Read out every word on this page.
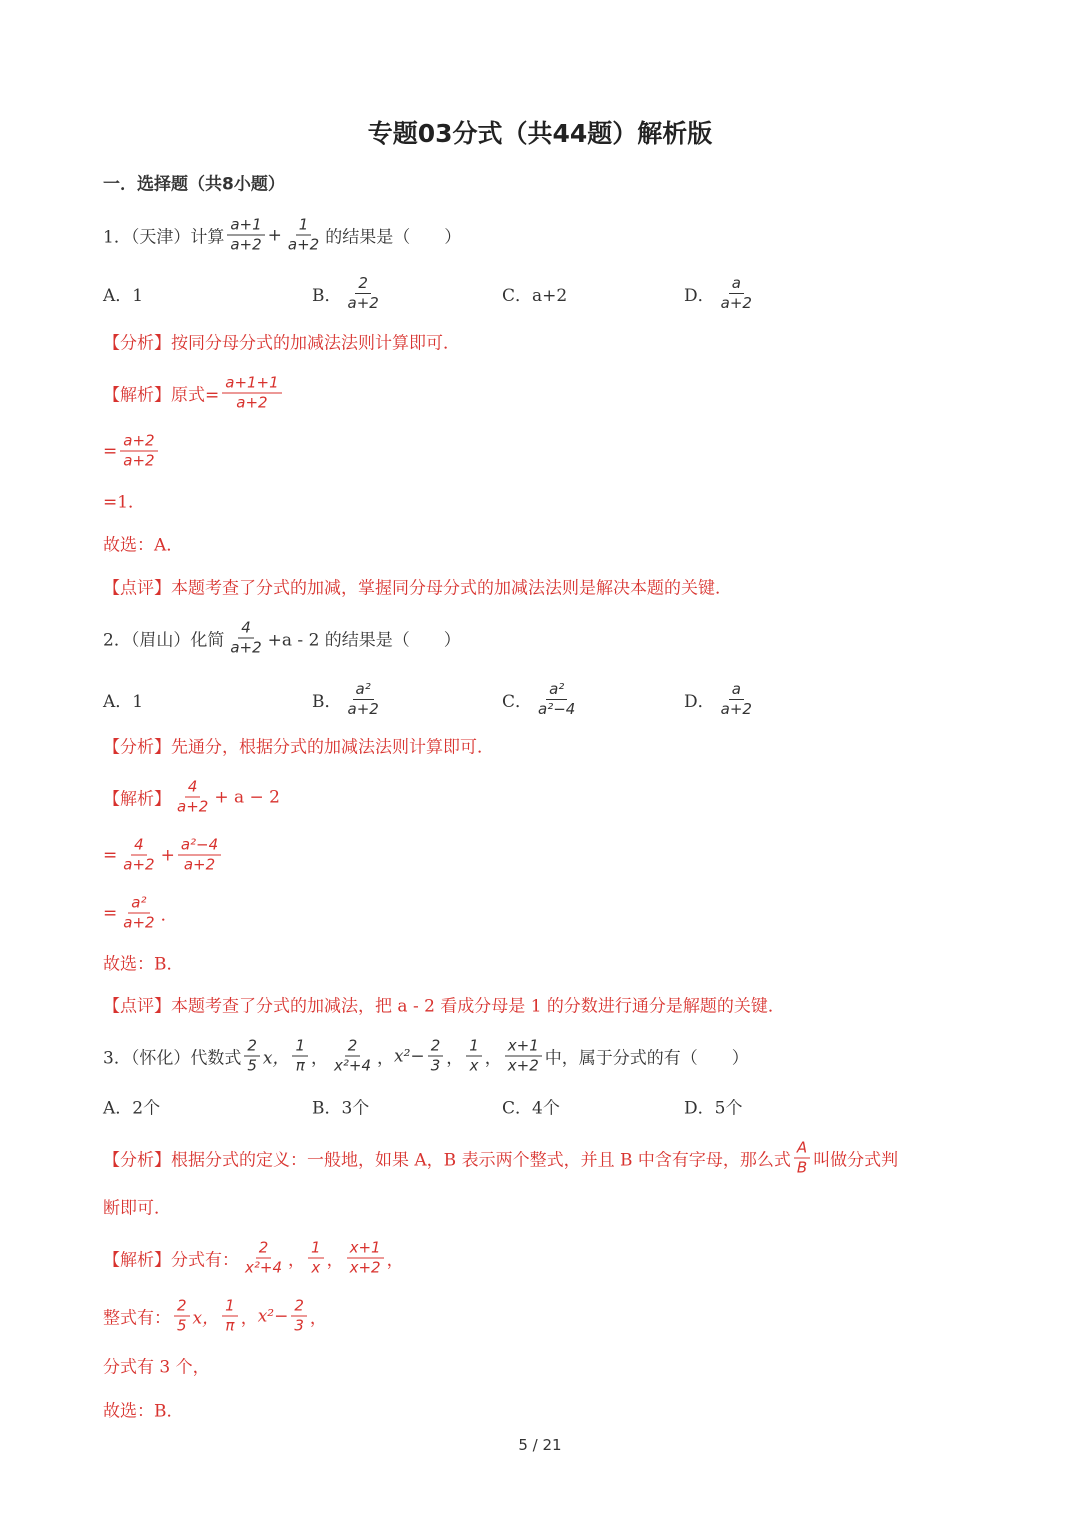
专题03分式（共44题）解析版
一．选择题（共8小题）
1．（天津）计算 $\frac{a+1}{a+2} + \frac{1}{a+2}$ 的结果是（　　）
A．1	B． $\frac{2}{a+2}$	C．a+2	D． $\frac{a}{a+2}$
【分析】按同分母分式的加减法法则计算即可．
【解析】原式= $\frac{a+1+1}{a+2}$
= $\frac{a+2}{a+2}$
=1．
故选：A．
【点评】本题考查了分式的加减，掌握同分母分式的加减法法则是解决本题的关键．
2．（眉山）化简 $\frac{4}{a+2} +a - 2$ 的结果是（　　）
A．1	B． $\frac{\text{a²}}{a+2}$	C． $\frac{\text{a²}}{\text{a²−4}}$	D． $\frac{a}{a+2}$
【分析】先通分，根据分式的加减法法则计算即可．
【解析】 $\frac{4}{a+2} + a - 2$
= $\frac{4}{a+2} + \frac{\text{a²−4}}{a+2}$
= $\frac{\text{a²}}{a+2}$ ．
故选：B．
【点评】本题考查了分式的加减法，把 a - 2 看成分母是 1 的分数进行通分是解题的关键．
3．（怀化）代数式 $\frac{2}{5}$ x， $\frac{1}{\pi}$ ， $\frac{2}{\text{x²+4}}$ ， $x^2- \frac{2}{3}$ ， $\frac{1}{x}$ ， $\frac{x+1}{x+2}$ 中，属于分式的有（　　）
A．2个	B．3个	C．4个	D．5个
【分析】根据分式的定义：一般地，如果 A，B 表示两个整式，并且 B 中含有字母，那么式 $\frac{A}{B}$ 叫做分式判
断即可．
【解析】分式有： $\frac{2}{\text{x²+4}}$ ， $\frac{1}{x}$ ， $\frac{x+1}{x+2}$ ，
整式有： $\frac{2}{5}$ x， $\frac{1}{\pi}$ ， $x^2- \frac{2}{3}$ ，
分式有 3 个，
故选：B．
5 / 21
